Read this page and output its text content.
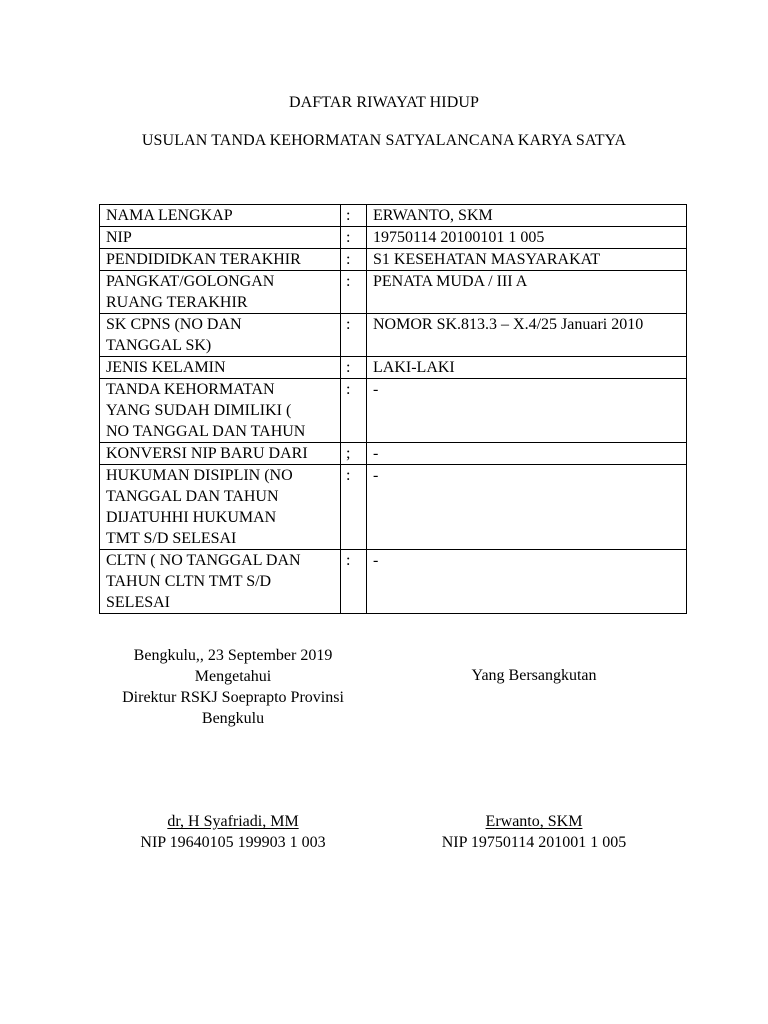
DAFTAR RIWAYAT HIDUP
USULAN TANDA KEHORMATAN SATYALANCANA KARYA SATYA
NAMA LENGKAP	:	ERWANTO, SKM
NIP	:	19750114 20100101 1 005
PENDIDIDKAN TERAKHIR	:	S1 KESEHATAN MASYARAKAT
PANGKAT/GOLONGAN
RUANG TERAKHIR	:	PENATA MUDA / III A
SK CPNS (NO DAN
TANGGAL SK)	:	NOMOR SK.813.3 – X.4/25 Januari 2010
JENIS KELAMIN	:	LAKI-LAKI
TANDA KEHORMATAN
YANG SUDAH DIMILIKI (
NO TANGGAL DAN TAHUN	:	-
KONVERSI NIP BARU DARI	;	-
HUKUMAN DISIPLIN (NO
TANGGAL DAN TAHUN
DIJATUHHI HUKUMAN
TMT S/D SELESAI	:	-
CLTN ( NO TANGGAL DAN
TAHUN CLTN TMT S/D
SELESAI	:	-
Bengkulu,, 23 September 2019
Mengetahui
Direktur RSKJ Soeprapto Provinsi
Bengkulu
Yang Bersangkutan
dr, H Syafriadi, MM
NIP 19640105 199903 1 003
Erwanto, SKM
NIP 19750114 201001 1 005
